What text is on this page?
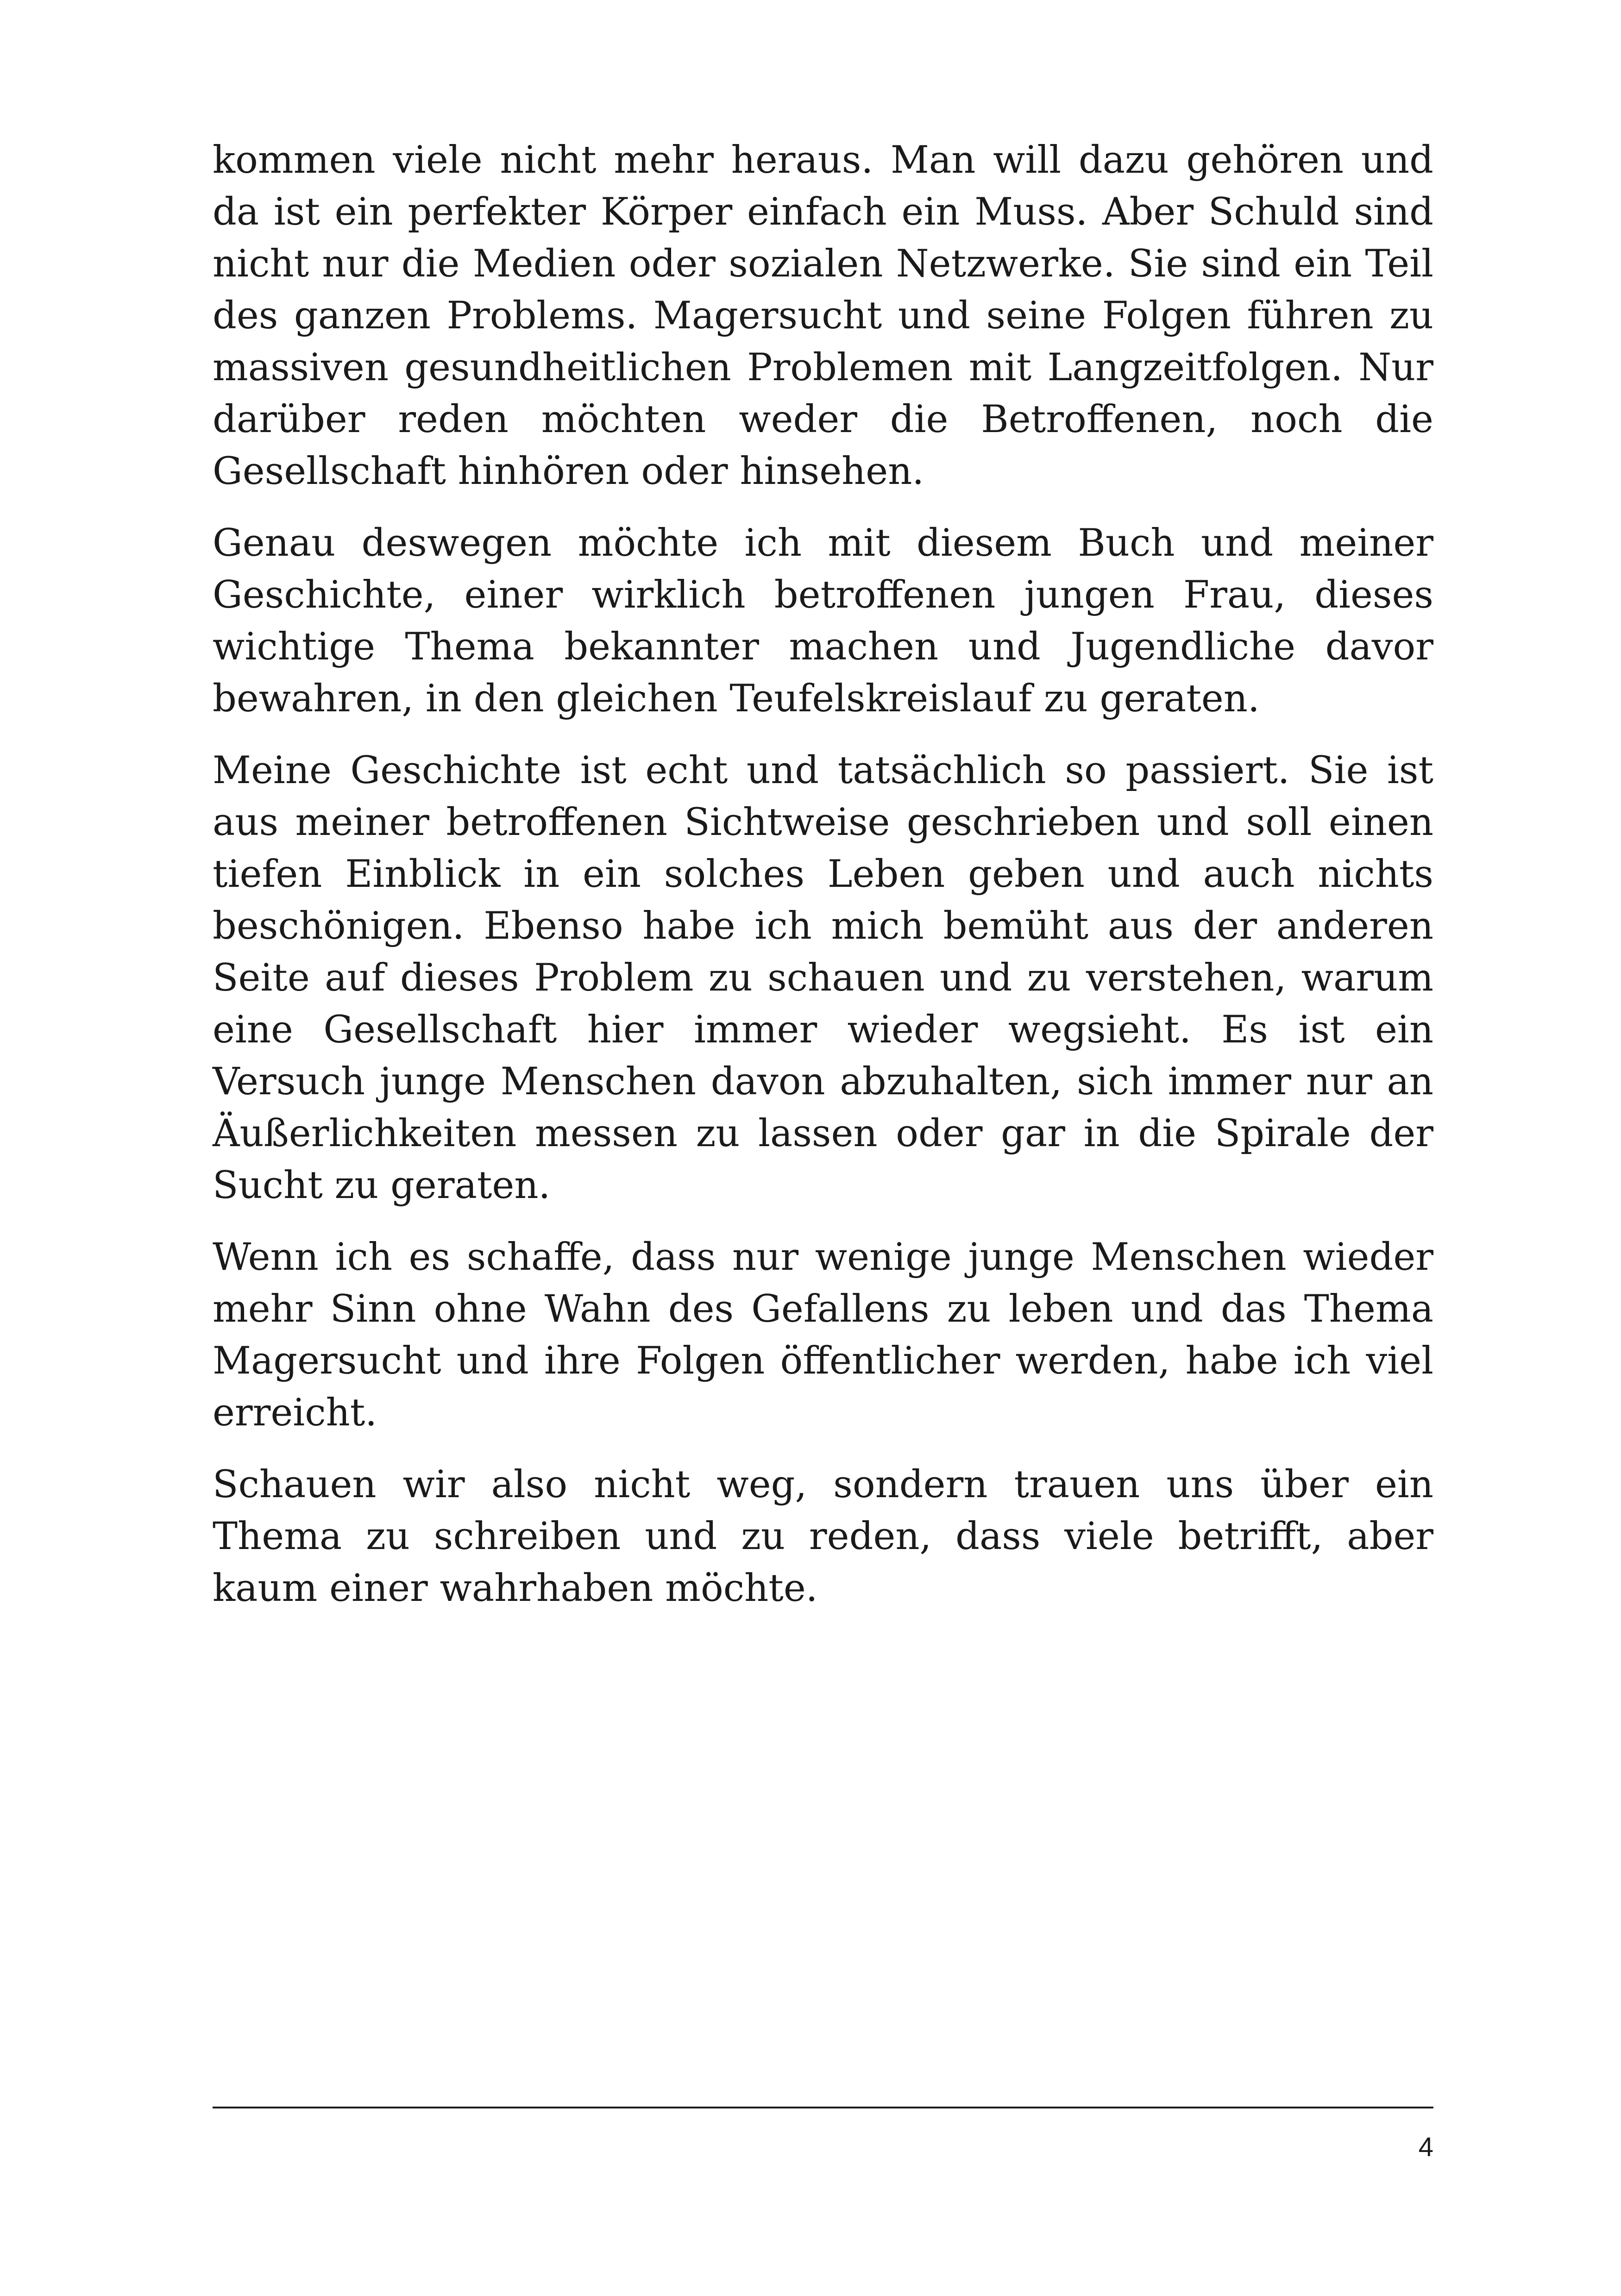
kommen viele nicht mehr heraus. Man will dazu gehören und da ist ein perfekter Körper einfach ein Muss. Aber Schuld sind nicht nur die Medien oder sozialen Netzwerke. Sie sind ein Teil des ganzen Problems. Magersucht und seine Folgen führen zu massiven gesundheitlichen Problemen mit Langzeitfolgen. Nur darüber reden möchten weder die Betroffenen, noch die Gesellschaft hinhören oder hinsehen.

Genau deswegen möchte ich mit diesem Buch und meiner Geschichte, einer wirklich betroffenen jungen Frau, dieses wichtige Thema bekannter machen und Jugendliche davor bewahren, in den gleichen Teufelskreislauf zu geraten.

Meine Geschichte ist echt und tatsächlich so passiert. Sie ist aus meiner betroffenen Sichtweise geschrieben und soll einen tiefen Einblick in ein solches Leben geben und auch nichts beschönigen. Ebenso habe ich mich bemüht aus der anderen Seite auf dieses Problem zu schauen und zu verstehen, warum eine Gesellschaft hier immer wieder wegsieht. Es ist ein Versuch junge Menschen davon abzuhalten, sich immer nur an Äußerlichkeiten messen zu lassen oder gar in die Spirale der Sucht zu geraten.

Wenn ich es schaffe, dass nur wenige junge Menschen wieder mehr Sinn ohne Wahn des Gefallens zu leben und das Thema Magersucht und ihre Folgen öffentlicher werden, habe ich viel erreicht.

Schauen wir also nicht weg, sondern trauen uns über ein Thema zu schreiben und zu reden, dass viele betrifft, aber kaum einer wahrhaben möchte.

4
